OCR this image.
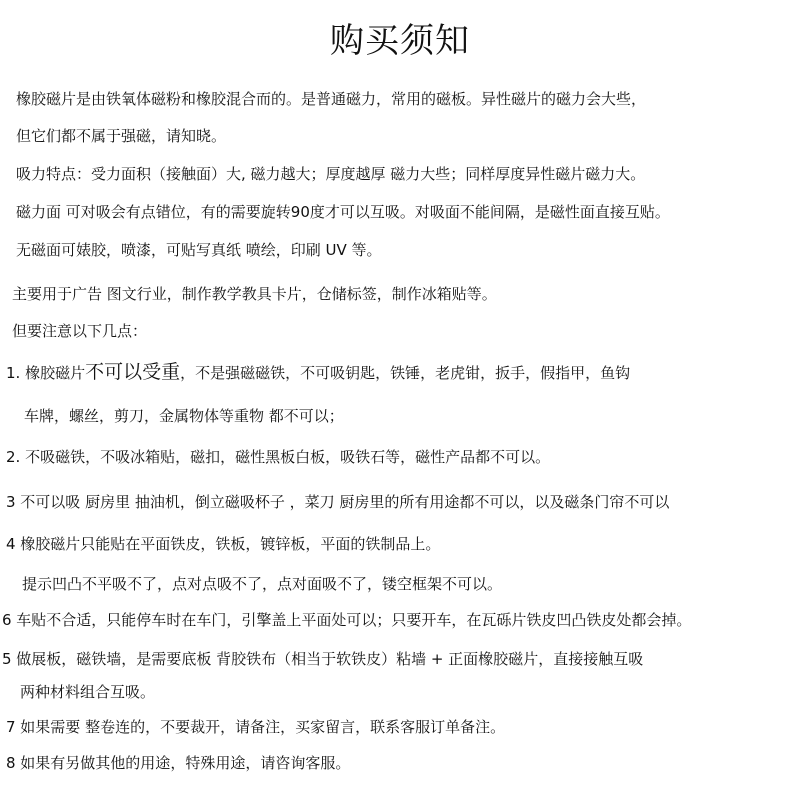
购买须知

橡胶磁片是由铁氧体磁粉和橡胶混合而的。是普通磁力，常用的磁板。异性磁片的磁力会大些，

但它们都不属于强磁，请知晓。

吸力特点：受力面积（接触面）大, 磁力越大；厚度越厚 磁力大些；同样厚度异性磁片磁力大。

磁力面 可对吸会有点错位，有的需要旋转90度才可以互吸。对吸面不能间隔，是磁性面直接互贴。

无磁面可婊胶，喷漆，可贴写真纸 喷绘，印刷 UV 等。

主要用于广告 图文行业，制作教学教具卡片，仓储标签，制作冰箱贴等。

但要注意以下几点：

1. 橡胶磁片不可以受重，不是强磁磁铁，不可吸钥匙，铁锤，老虎钳，扳手，假指甲，鱼钩

车牌，螺丝，剪刀，金属物体等重物 都不可以；

2. 不吸磁铁，不吸冰箱贴，磁扣，磁性黑板白板，吸铁石等，磁性产品都不可以。

3 不可以吸 厨房里 抽油机，倒立磁吸杯子 ，菜刀 厨房里的所有用途都不可以，以及磁条门帘不可以

4 橡胶磁片只能贴在平面铁皮，铁板，镀锌板，平面的铁制品上。

提示凹凸不平吸不了，点对点吸不了，点对面吸不了，镂空框架不可以。

6 车贴不合适，只能停车时在车门，引擎盖上平面处可以；只要开车，在瓦砾片铁皮凹凸铁皮处都会掉。

5 做展板，磁铁墙，是需要底板 背胶铁布（相当于软铁皮）粘墙 + 正面橡胶磁片，直接接触互吸

两种材料组合互吸。

7 如果需要 整卷连的，不要裁开，请备注，买家留言，联系客服订单备注。

8 如果有另做其他的用途，特殊用途，请咨询客服。
